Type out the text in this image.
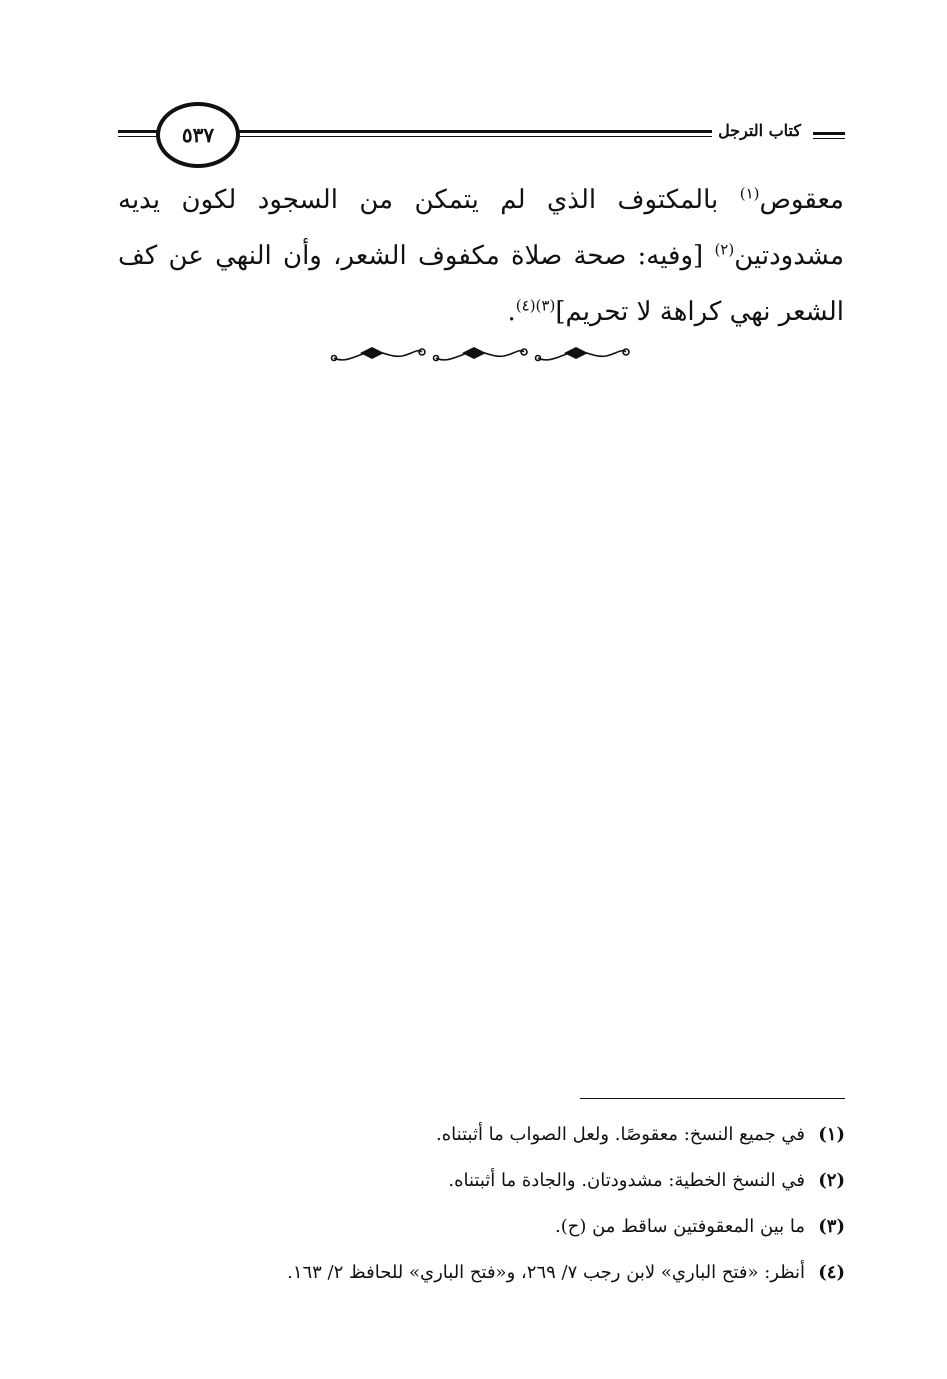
٥٣٧	كتاب الترجل
معقوص$^{(١)}$ بالمكتوف الذي لم يتمكن من السجود لكون يديه
مشدودتين$^{(٢)}$ [وفيه: صحة صلاة مكفوف الشعر، وأن النهي عن كف
الشعر نهي كراهة لا تحريم]$^{(٣)(٤)}$.
(١)في جميع النسخ: معقوصًا. ولعل الصواب ما أثبتناه.
(٢)في النسخ الخطية: مشدودتان. والجادة ما أثبتناه.
(٣)ما بين المعقوفتين ساقط من (ح).
(٤)أنظر: «فتح الباري» لابن رجب ٧/ ٢٦٩، و«فتح الباري» للحافظ ٢/ ١٦٣.
